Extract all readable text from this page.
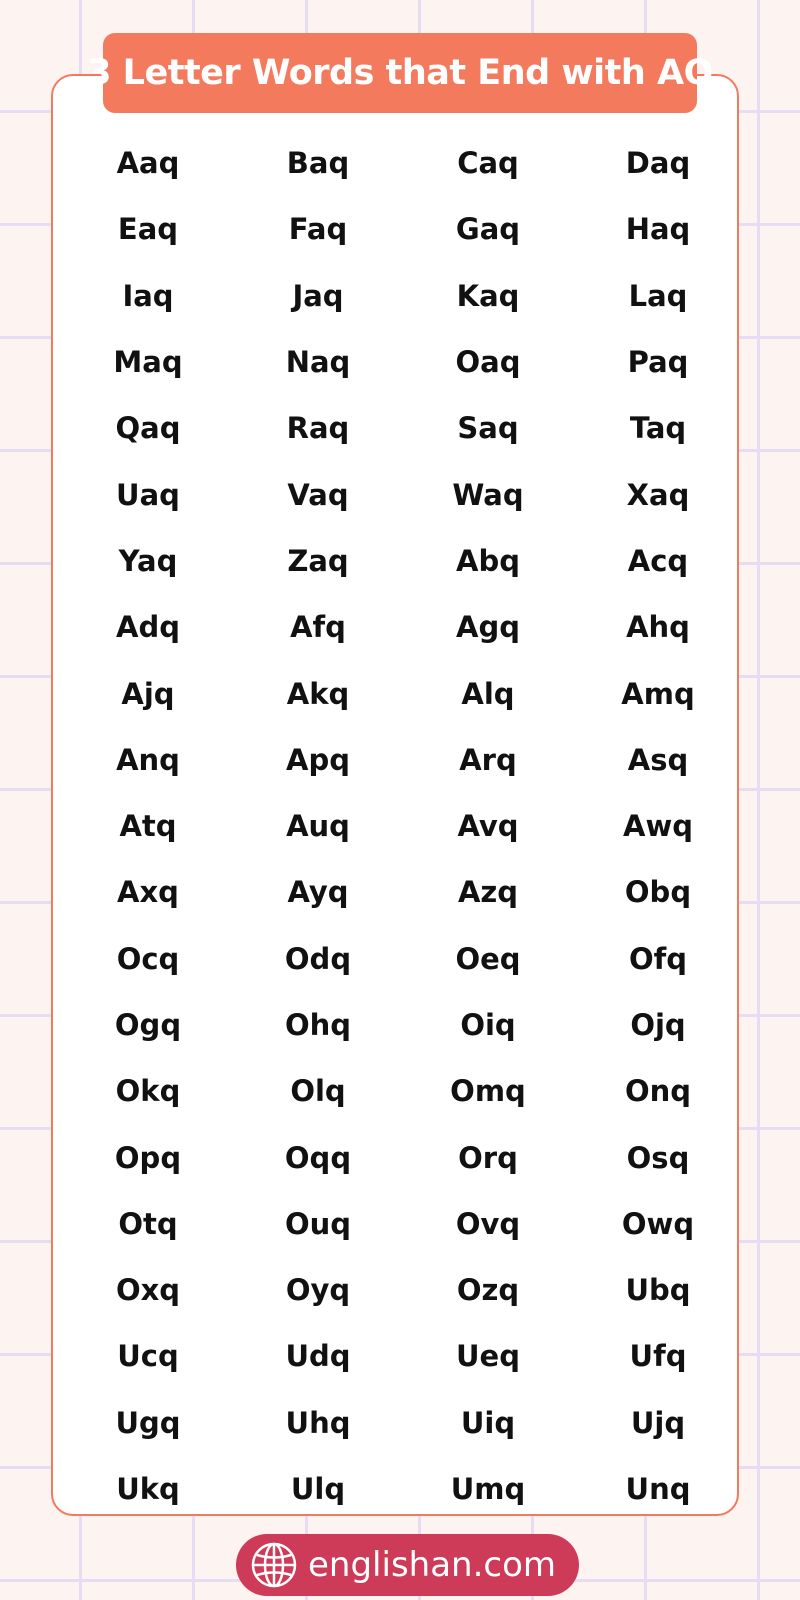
3 Letter Words that End with AQ
Aaq	Baq	Caq	Daq
Eaq	Faq	Gaq	Haq
Iaq	Jaq	Kaq	Laq
Maq	Naq	Oaq	Paq
Qaq	Raq	Saq	Taq
Uaq	Vaq	Waq	Xaq
Yaq	Zaq	Abq	Acq
Adq	Afq	Agq	Ahq
Ajq	Akq	Alq	Amq
Anq	Apq	Arq	Asq
Atq	Auq	Avq	Awq
Axq	Ayq	Azq	Obq
Ocq	Odq	Oeq	Ofq
Ogq	Ohq	Oiq	Ojq
Okq	Olq	Omq	Onq
Opq	Oqq	Orq	Osq
Otq	Ouq	Ovq	Owq
Oxq	Oyq	Ozq	Ubq
Ucq	Udq	Ueq	Ufq
Ugq	Uhq	Uiq	Ujq
Ukq	Ulq	Umq	Unq
englishan.com
